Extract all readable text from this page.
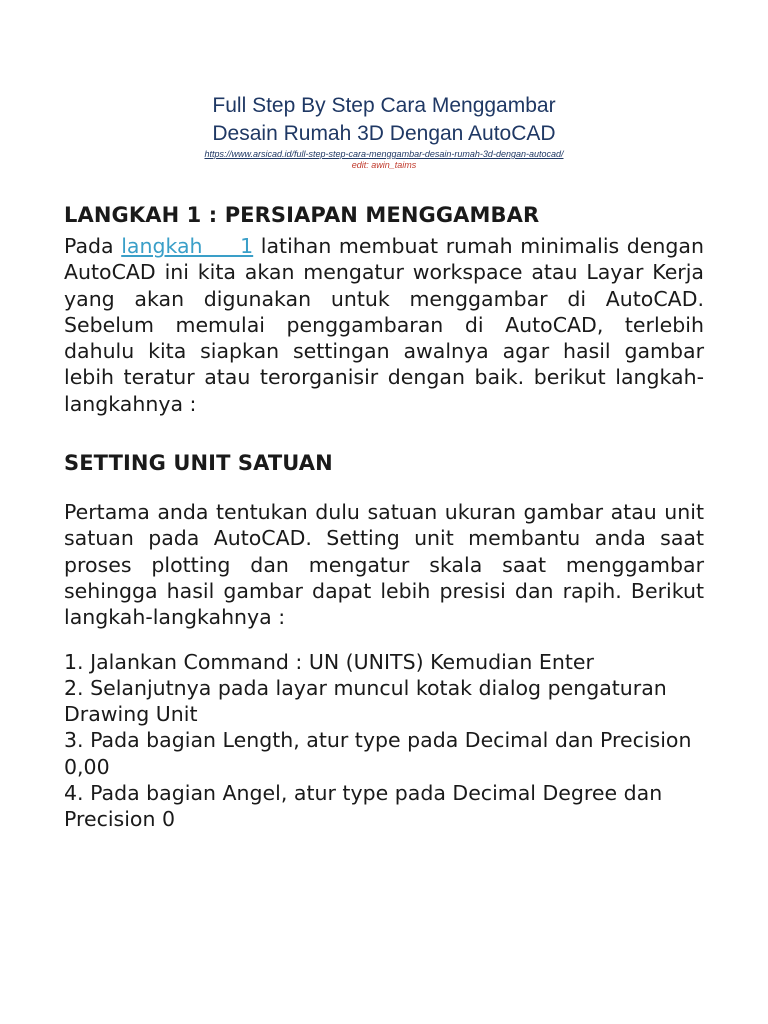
Full Step By Step Cara Menggambar
Desain Rumah 3D Dengan AutoCAD
https://www.arsicad.id/full-step-step-cara-menggambar-desain-rumah-3d-dengan-autocad/
edit: awin_taims
LANGKAH 1 : PERSIAPAN MENGGAMBAR

Pada langkah 1 latihan membuat rumah minimalis dengan AutoCAD ini kita akan mengatur workspace atau Layar Kerja yang akan digunakan untuk menggambar di AutoCAD. Sebelum memulai penggambaran di AutoCAD, terlebih dahulu kita siapkan settingan awalnya agar hasil gambar lebih teratur atau terorganisir dengan baik. berikut langkah-langkahnya :

SETTING UNIT SATUAN

Pertama anda tentukan dulu satuan ukuran gambar atau unit satuan pada AutoCAD. Setting unit membantu anda saat proses plotting dan mengatur skala saat menggambar sehingga hasil gambar dapat lebih presisi dan rapih. Berikut langkah-langkahnya :

1. Jalankan Command : UN (UNITS) Kemudian Enter
2. Selanjutnya pada layar muncul kotak dialog pengaturan Drawing Unit
3. Pada bagian Length, atur type pada Decimal dan Precision 0,00
4. Pada bagian Angel, atur type pada Decimal Degree dan Precision 0
